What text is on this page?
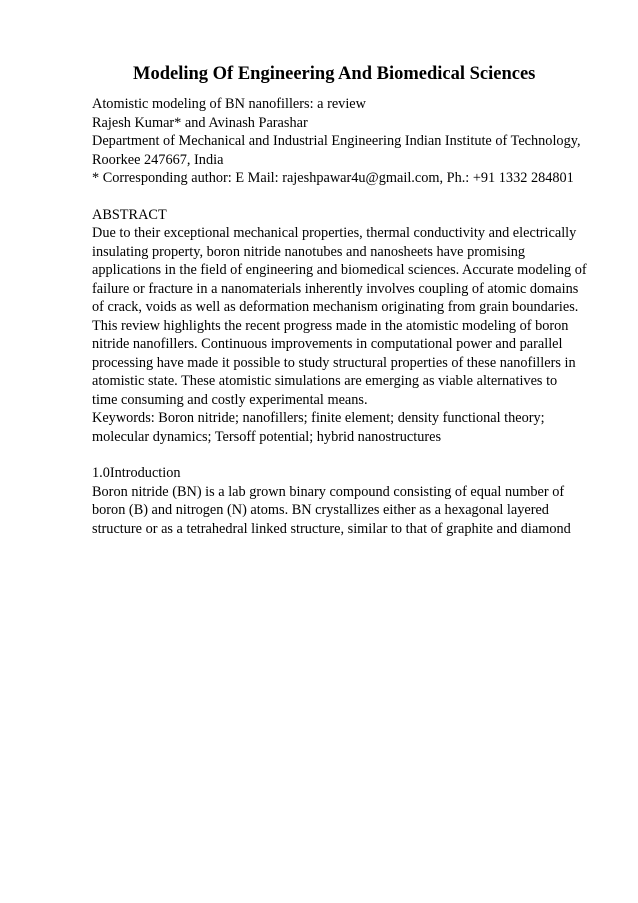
Modeling Of Engineering And Biomedical Sciences
Atomistic modeling of BN nanofillers: a review
Rajesh Kumar* and Avinash Parashar
Department of Mechanical and Industrial Engineering Indian Institute of Technology,
Roorkee 247667, India
* Corresponding author: E Mail: rajeshpawar4u@gmail.com, Ph.: +91 1332 284801
ABSTRACT
Due to their exceptional mechanical properties, thermal conductivity and electrically
insulating property, boron nitride nanotubes and nanosheets have promising
applications in the field of engineering and biomedical sciences. Accurate modeling of
failure or fracture in a nanomaterials inherently involves coupling of atomic domains
of crack, voids as well as deformation mechanism originating from grain boundaries.
This review highlights the recent progress made in the atomistic modeling of boron
nitride nanofillers. Continuous improvements in computational power and parallel
processing have made it possible to study structural properties of these nanofillers in
atomistic state. These atomistic simulations are emerging as viable alternatives to
time consuming and costly experimental means.
Keywords: Boron nitride; nanofillers; finite element; density functional theory;
molecular dynamics; Tersoff potential; hybrid nanostructures
1.0Introduction
Boron nitride (BN) is a lab grown binary compound consisting of equal number of
boron (B) and nitrogen (N) atoms. BN crystallizes either as a hexagonal layered
structure or as a tetrahedral linked structure, similar to that of graphite and diamond
